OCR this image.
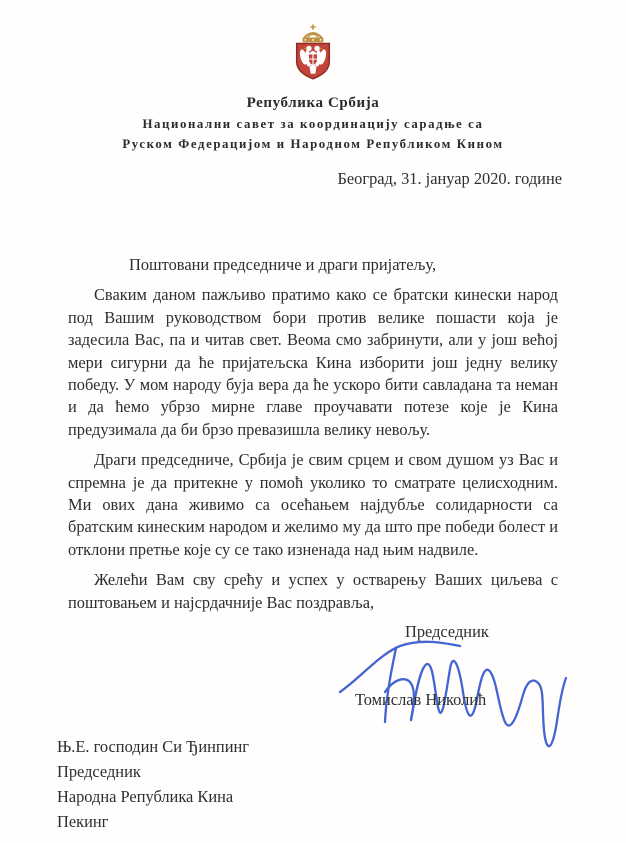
Република Србија
Национални савет за координацију сарадње са
Руском Федерацијом и Народном Републиком Кином
Београд, 31. јануар 2020. године

Поштовани председниче и драги пријатељу,

Сваким даном пажљиво пратимо како се братски кинески народ под Вашим руководством бори против велике пошасти која је задесила Вас, па и читав свет. Веома смо забринути, али у још већој мери сигурни да ће пријатељска Кина изборити још једну велику победу. У мом народу буја вера да ће ускоро бити савладана та неман и да ћемо убрзо мирне главе проучавати потезе које је Кина предузимала да би брзо превазишла велику невољу.

Драги председниче, Србија је свим срцем и свом душом уз Вас и спремна је да притекне у помоћ уколико то сматрате целисходним. Ми ових дана живимо са осећањем најдубље солидарности са братским кинеским народом и желимо му да што пре победи болест и отклони претње које су се тако изненада над њим надвиле.

Желећи Вам сву срећу и успех у остварењу Ваших циљева с поштовањем и најсрдачније Вас поздравља,

Председник
Томислав Николић
Њ.Е. господин Си Ђинпинг
Председник
Народна Република Кина
Пекинг
